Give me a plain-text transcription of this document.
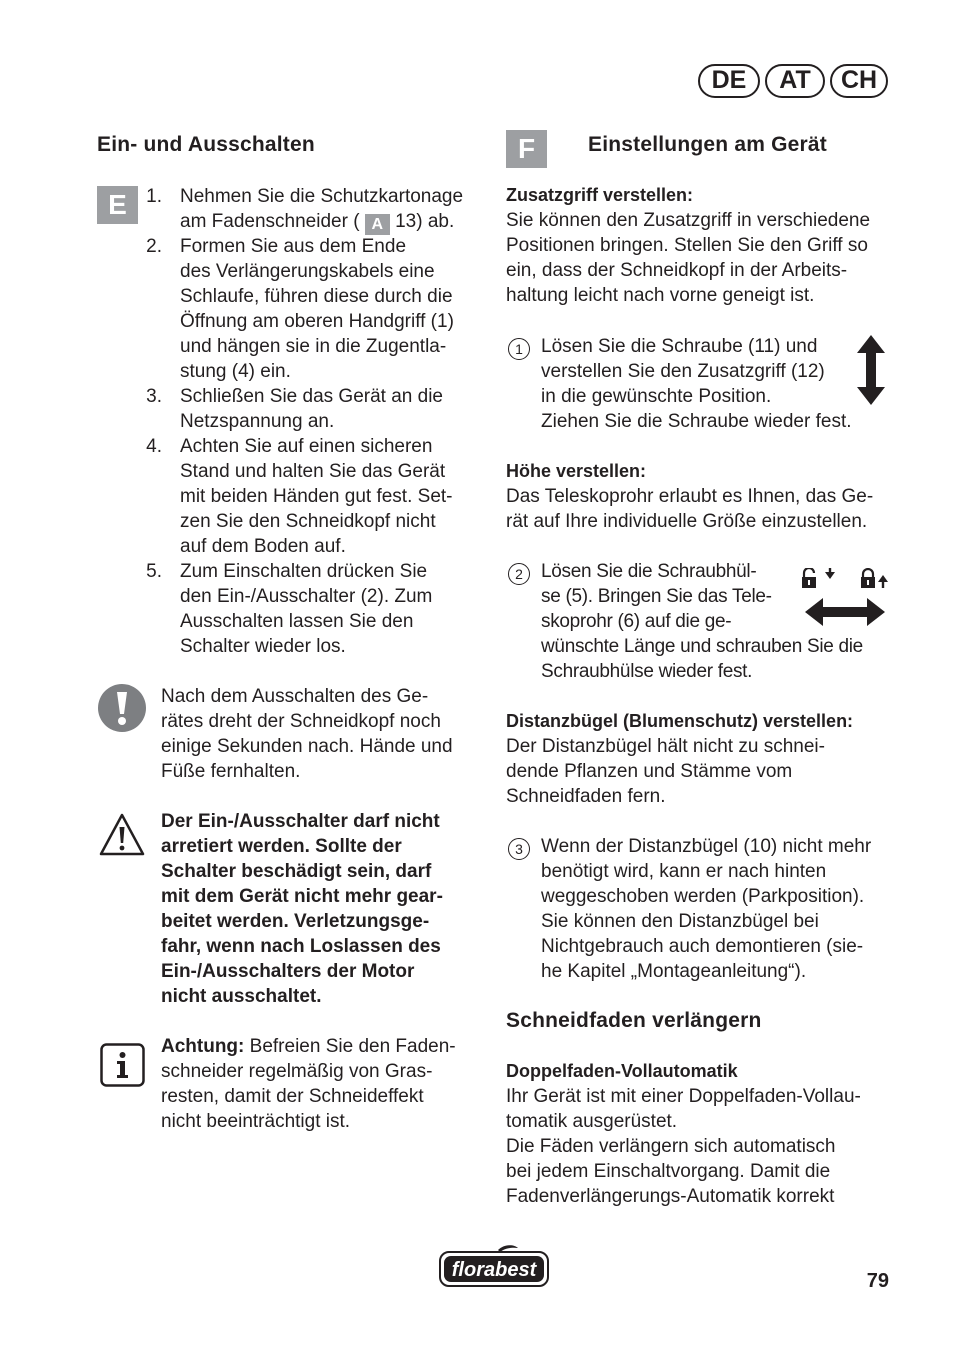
DE	AT	CH
Ein- und Ausschalten
E	1. Nehmen Sie die Schutzkartonage
am Fadenschneider ( A 13) ab.
2. Formen Sie aus dem Ende
des Verlängerungskabels eine
Schlaufe, führen diese durch die
Öffnung am oberen Handgriff (1)
und hängen sie in die Zugentla-
stung (4) ein.
3. Schließen Sie das Gerät an die
Netzspannung an.
4. Achten Sie auf einen sicheren
Stand und halten Sie das Gerät
mit beiden Händen gut fest. Set-
zen Sie den Schneidkopf nicht
auf dem Boden auf.
5. Zum Einschalten drücken Sie
den Ein-/Ausschalter (2). Zum
Ausschalten lassen Sie den
Schalter wieder los.
Nach dem Ausschalten des Ge-
rätes dreht der Schneidkopf noch
einige Sekunden nach. Hände und
Füße fernhalten.
Der Ein-/Ausschalter darf nicht
arretiert werden. Sollte der
Schalter beschädigt sein, darf
mit dem Gerät nicht mehr gear-
beitet werden. Verletzungsge-
fahr, wenn nach Loslassen des
Ein-/Ausschalters der Motor
nicht ausschaltet.
Achtung: Befreien Sie den Faden-
schneider regelmäßig von Gras-
resten, damit der Schneideffekt
nicht beeinträchtigt ist.
F	Einstellungen am Gerät
Zusatzgriff verstellen:
Sie können den Zusatzgriff in verschiedene
Positionen bringen. Stellen Sie den Griff so
ein, dass der Schneidkopf in der Arbeits-
haltung leicht nach vorne geneigt ist.
1 Lösen Sie die Schraube (11) und
verstellen Sie den Zusatzgriff (12)
in die gewünschte Position.
Ziehen Sie die Schraube wieder fest.
Höhe verstellen:
Das Teleskoprohr erlaubt es Ihnen, das Ge-
rät auf Ihre individuelle Größe einzustellen.
2 Lösen Sie die Schraubhül-
se (5). Bringen Sie das Tele-
skoprohr (6) auf die ge-
wünschte Länge und schrauben Sie die
Schraubhülse wieder fest.
Distanzbügel (Blumenschutz) verstellen:
Der Distanzbügel hält nicht zu schnei-
dende Pflanzen und Stämme vom
Schneidfaden fern.
3 Wenn der Distanzbügel (10) nicht mehr
benötigt wird, kann er nach hinten
weggeschoben werden (Parkposition).
Sie können den Distanzbügel bei
Nichtgebrauch auch demontieren (sie-
he Kapitel „Montageanleitung“).
Schneidfaden verlängern
Doppelfaden-Vollautomatik
Ihr Gerät ist mit einer Doppelfaden-Vollau-
tomatik ausgerüstet.
Die Fäden verlängern sich automatisch
bei jedem Einschaltvorgang. Damit die
Fadenverlängerungs-Automatik korrekt
florabest	79
